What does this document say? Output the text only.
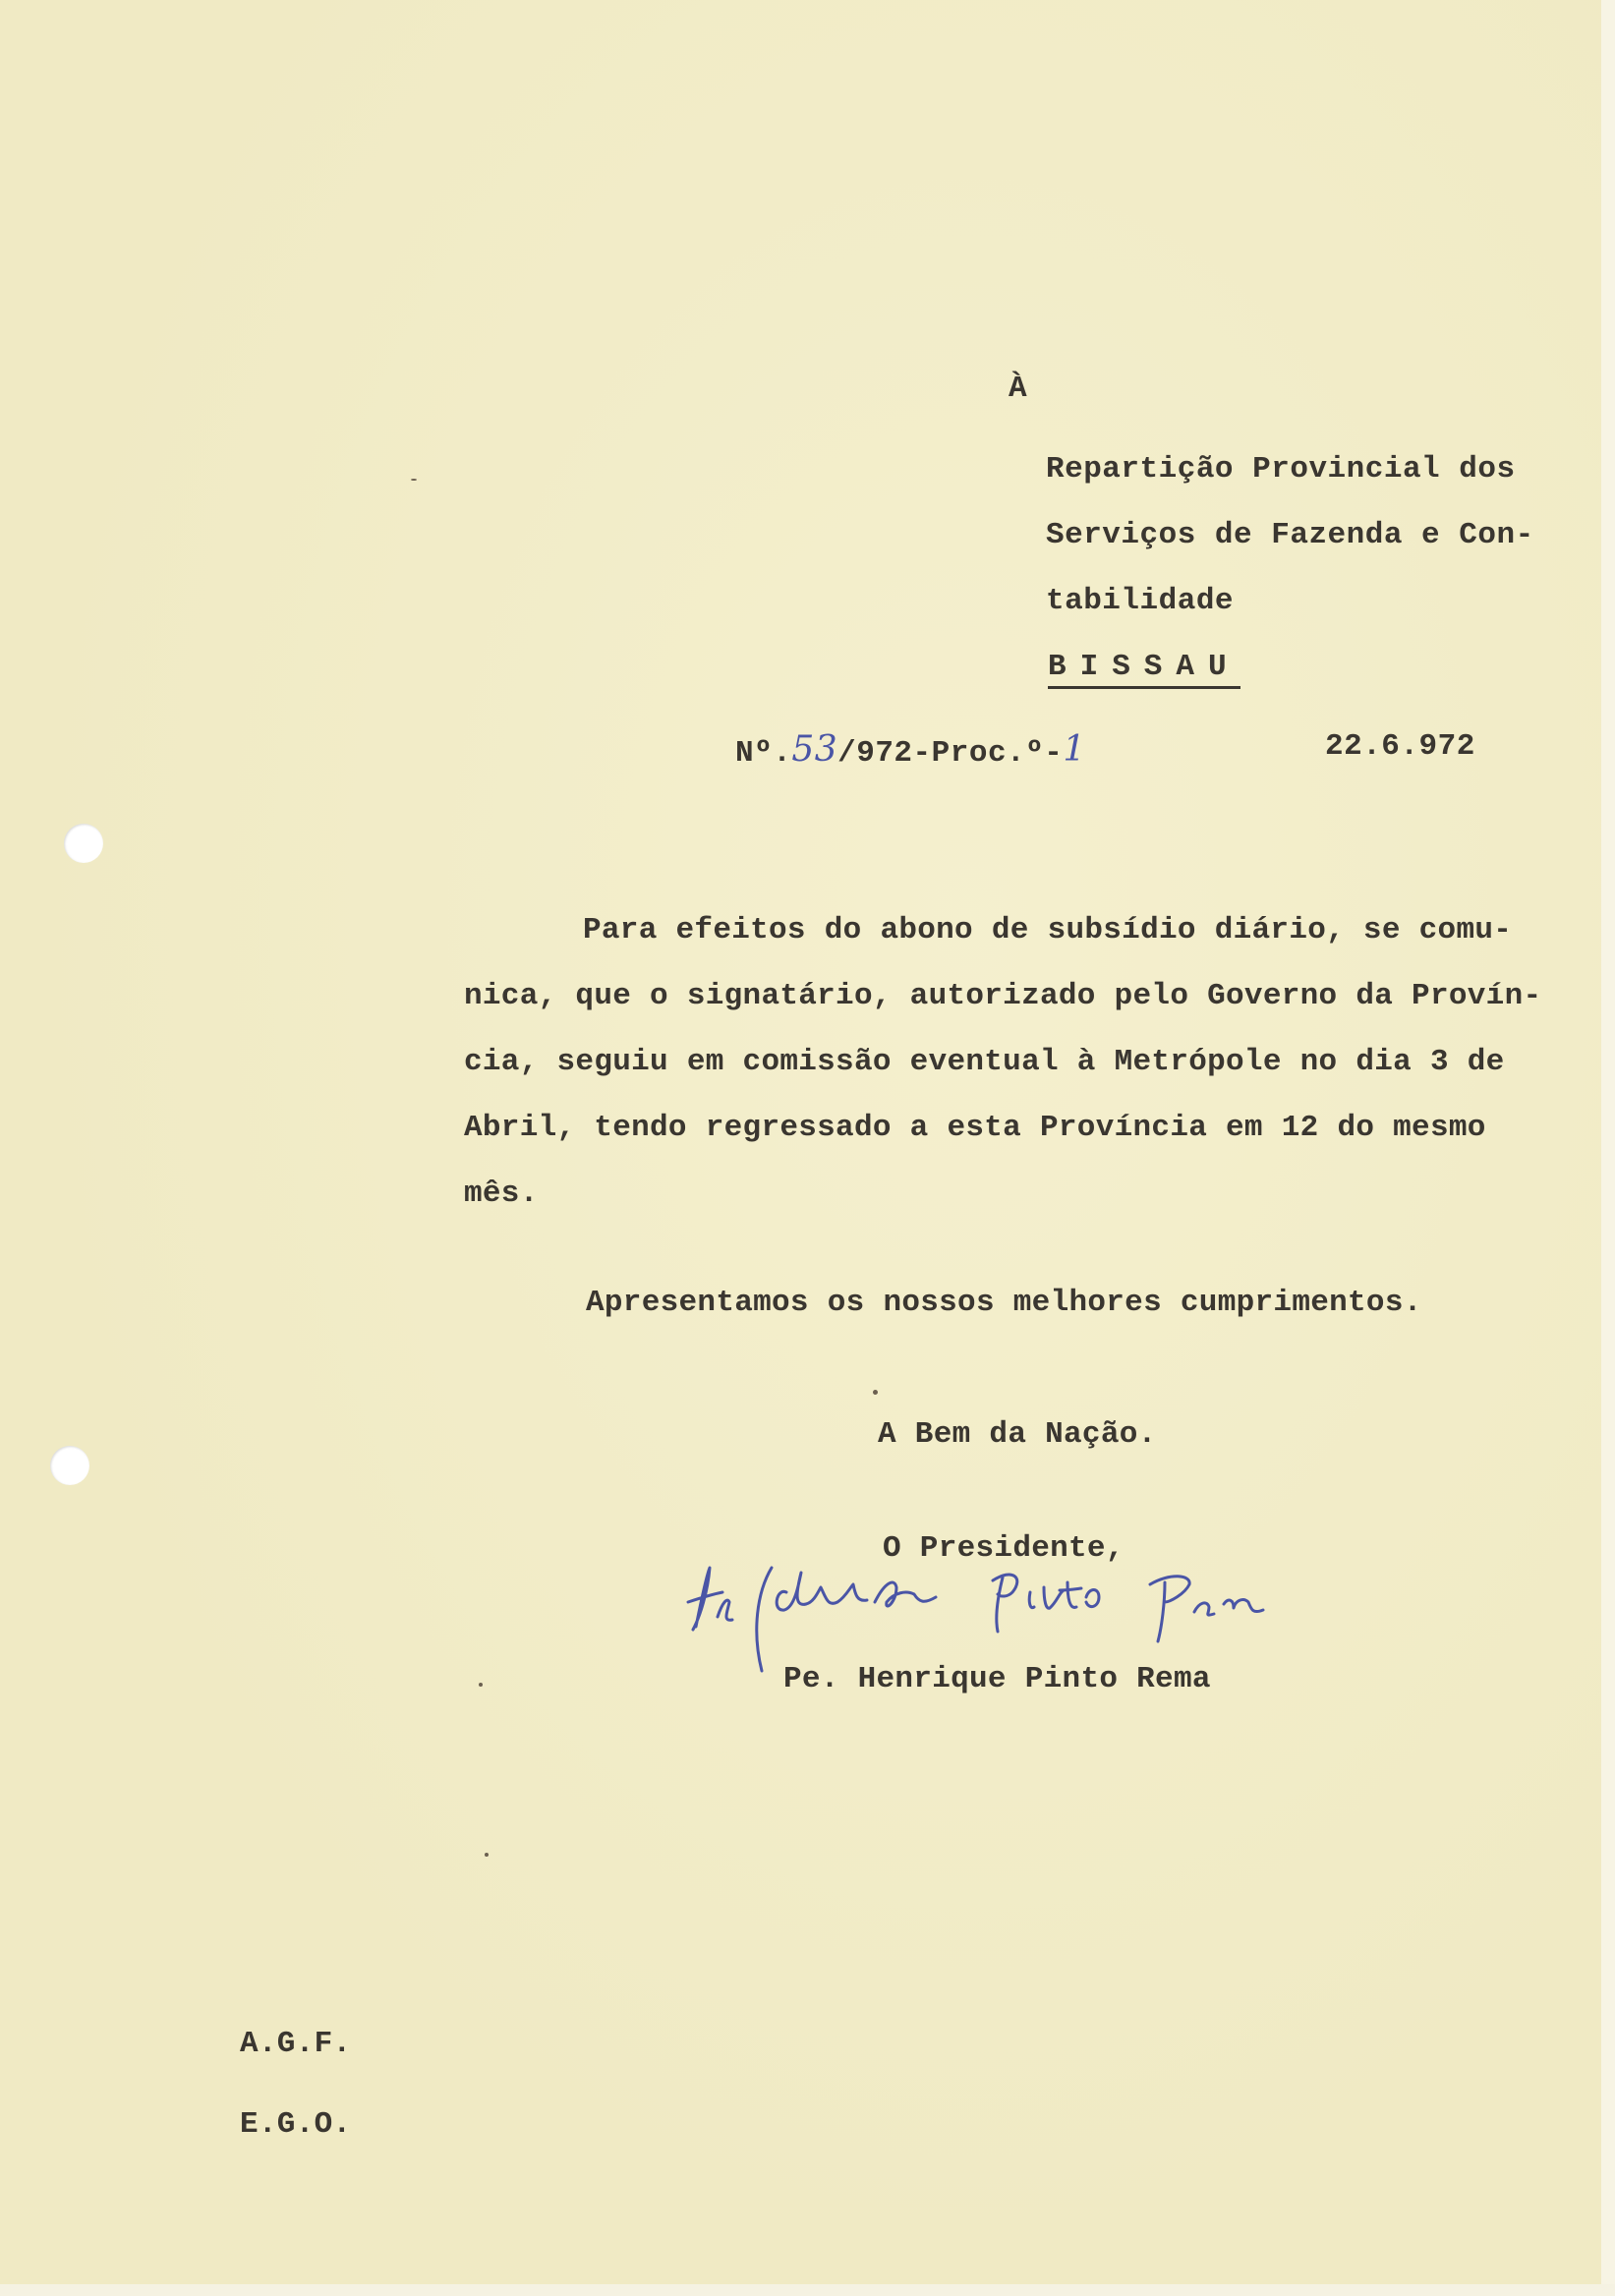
À
Repartição Provincial dos
Serviços de Fazenda e Con-
tabilidade
BISSAU
Nº.53/972-Proc.º-1	22.6.972
Para efeitos do abono de subsídio diário, se comu-
nica, que o signatário, autorizado pelo Governo da Provín-
cia, seguiu em comissão eventual à Metrópole no dia 3 de
Abril, tendo regressado a esta Província em 12 do mesmo
mês.
Apresentamos os nossos melhores cumprimentos.
A Bem da Nação.
O Presidente,
Pe. Henrique Pinto Rema
A.G.F.
E.G.O.
